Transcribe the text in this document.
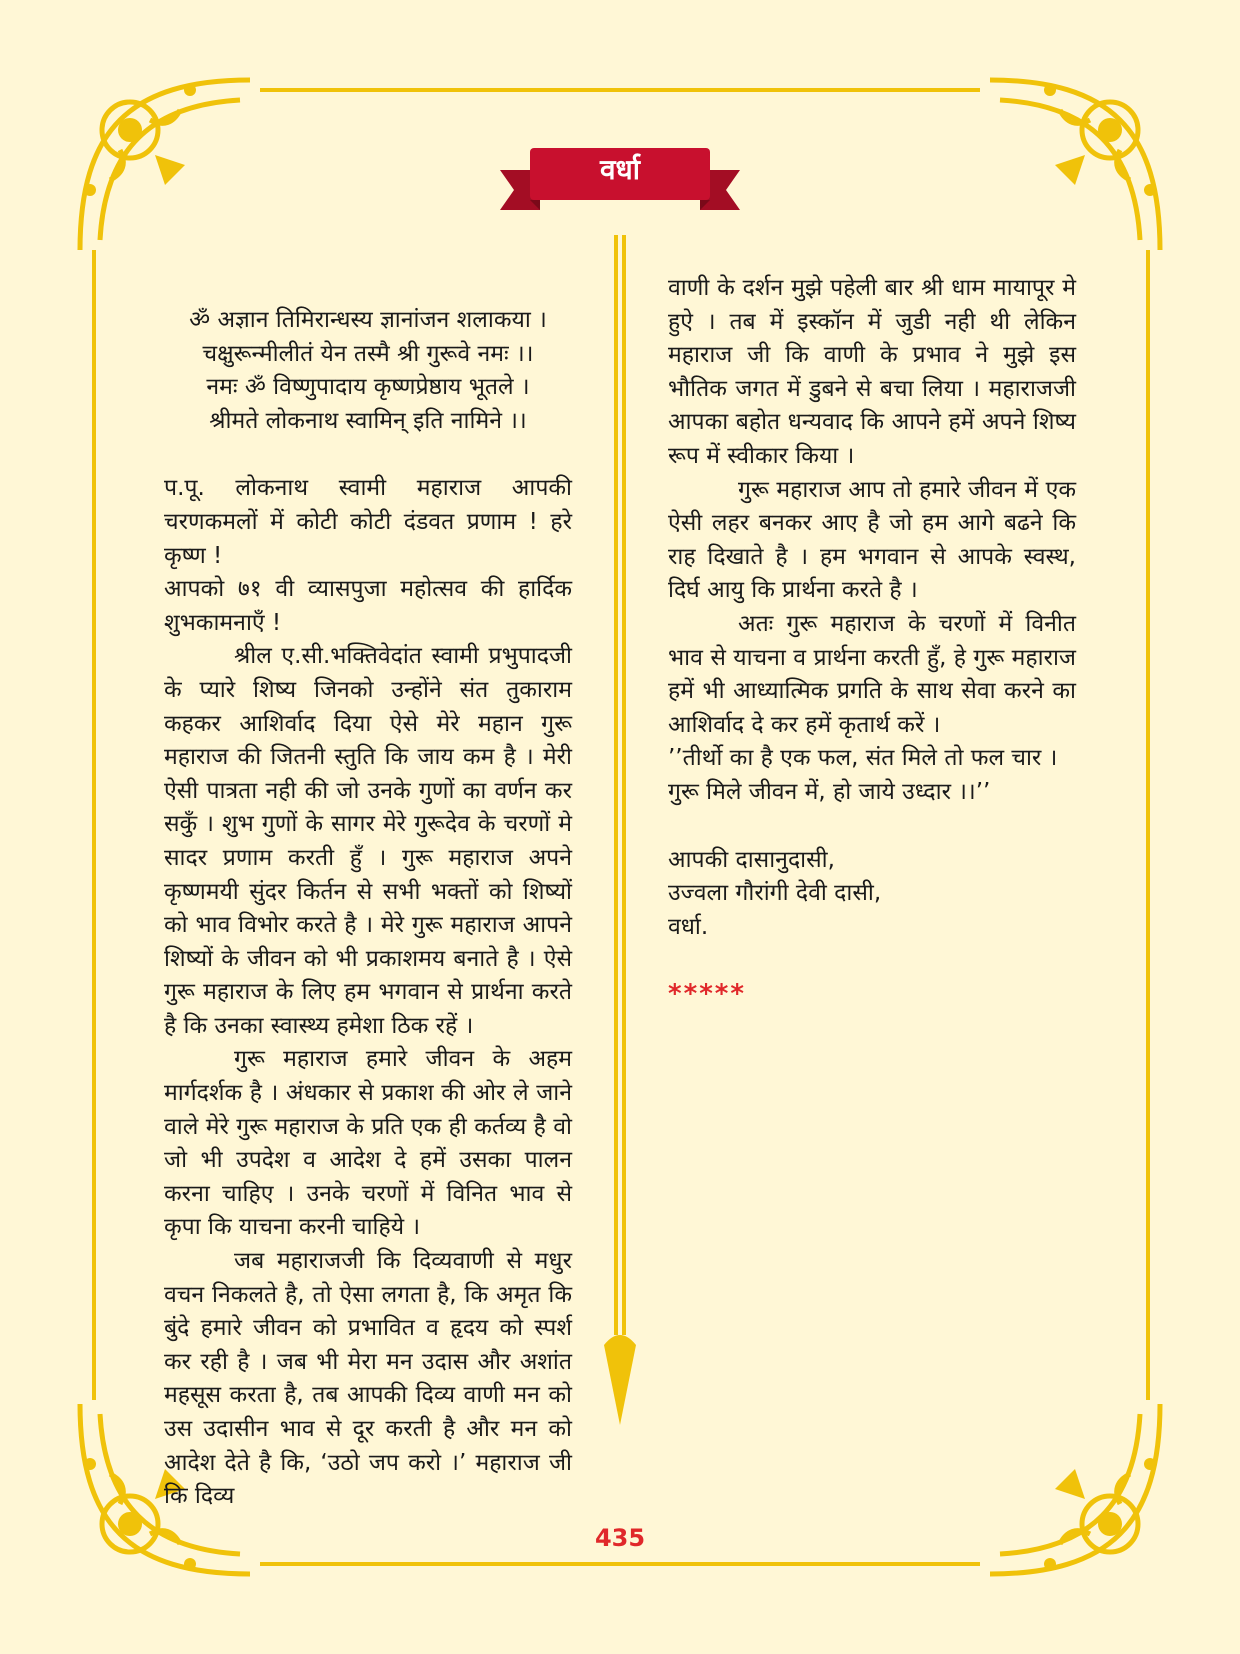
वर्धा

ॐ अज्ञान तिमिरान्धस्य ज्ञानांजन शलाकया ।

चक्षुरून्मीलीतं येन तस्मै श्री गुरूवे नमः ।।

नमः ॐ विष्णुपादाय कृष्णप्रेष्ठाय भूतले ।

श्रीमते लोकनाथ स्वामिन् इति नामिने ।।

प.पू. लोकनाथ स्वामी महाराज आपकी चरणकमलों में कोटी कोटी दंडवत प्रणाम ! हरे कृष्ण !

आपको ७१ वी व्यासपुजा महोत्सव की हार्दिक शुभकामनाएँ !

श्रील ए.सी.भक्तिवेदांत स्वामी प्रभुपादजी के प्यारे शिष्य जिनको उन्होंने संत तुकाराम कहकर आशिर्वाद दिया ऐसे मेरे महान गुरू महाराज की जितनी स्तुति कि जाय कम है । मेरी ऐसी पात्रता नही की जो उनके गुणों का वर्णन कर सकुँ । शुभ गुणों के सागर मेरे गुरूदेव के चरणों मे सादर प्रणाम करती हुँ । गुरू महाराज अपने कृष्णमयी सुंदर किर्तन से सभी भक्तों को शिष्यों को भाव विभोर करते है । मेरे गुरू महाराज आपने शिष्यों के जीवन को भी प्रकाशमय बनाते है । ऐसे गुरू महाराज के लिए हम भगवान से प्रार्थना करते है कि उनका स्वास्थ्य हमेशा ठिक रहें ।

गुरू महाराज हमारे जीवन के अहम मार्गदर्शक है । अंधकार से प्रकाश की ओर ले जाने वाले मेरे गुरू महाराज के प्रति एक ही कर्तव्य है वो जो भी उपदेश व आदेश दे हमें उसका पालन करना चाहिए । उनके चरणों में विनित भाव से कृपा कि याचना करनी चाहिये ।

जब महाराजजी कि दिव्यवाणी से मधुर वचन निकलते है, तो ऐसा लगता है, कि अमृत कि बुंदे हमारे जीवन को प्रभावित व हृदय को स्पर्श कर रही है । जब भी मेरा मन उदास और अशांत महसूस करता है, तब आपकी दिव्य वाणी मन को उस उदासीन भाव से दूर करती है और मन को आदेश देते है कि, ‘उठो जप करो ।’ महाराज जी कि दिव्य

वाणी के दर्शन मुझे पहेली बार श्री धाम मायापूर मे हुऐ । तब में इस्कॉन में जुडी नही थी लेकिन महाराज जी कि वाणी के प्रभाव ने मुझे इस भौतिक जगत में डुबने से बचा लिया । महाराजजी आपका बहोत धन्यवाद कि आपने हमें अपने शिष्य रूप में स्वीकार किया ।

गुरू महाराज आप तो हमारे जीवन में एक ऐसी लहर बनकर आए है जो हम आगे बढने कि राह दिखाते है । हम भगवान से आपके स्वस्थ, दिर्घ आयु कि प्रार्थना करते है ।

अतः गुरू महाराज के चरणों में विनीत भाव से याचना व प्रार्थना करती हुँ, हे गुरू महाराज हमें भी आध्यात्मिक प्रगति के साथ सेवा करने का आशिर्वाद दे कर हमें कृतार्थ करें ।

’’तीर्थो का है एक फल, संत मिले तो फल चार ।

गुरू मिले जीवन में, हो जाये उध्दार ।।’’

आपकी दासानुदासी,

उज्वला गौरांगी देवी दासी,

वर्धा.

*****

435
